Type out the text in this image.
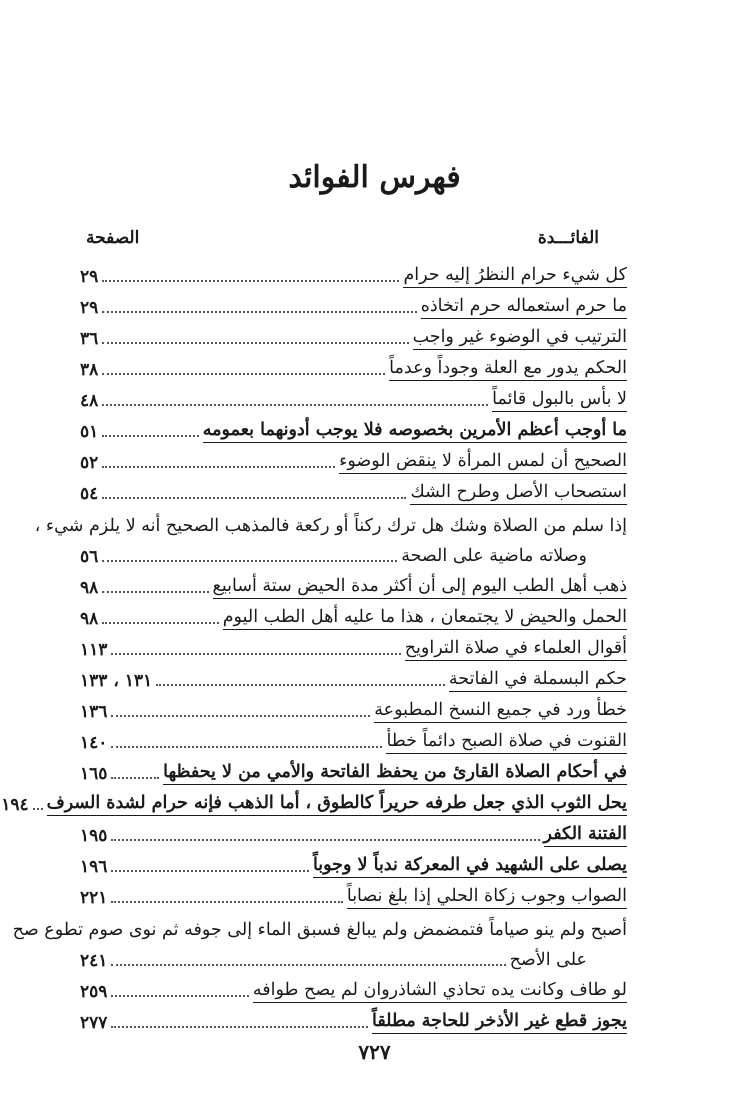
فهرس الفوائد
الفائـــدة
الصفحة
كل شيء حرام النظرُ إليه حرام
٢٩
ما حرم استعماله حرم اتخاذه
٢٩
الترتيب في الوضوء غير واجب
٣٦
الحكم يدور مع العلة وجوداً وعدماً
٣٨
لا بأس بالبول قائماً
٤٨
ما أوجب أعظم الأمرين بخصوصه فلا يوجب أدونهما بعمومه
٥١
الصحيح أن لمس المرأة لا ينقض الوضوء
٥٢
استصحاب الأصل وطرح الشك
٥٤
إذا سلم من الصلاة وشك هل ترك ركناً أو ركعة فالمذهب الصحيح أنه لا يلزم شيء ،
وصلاته ماضية على الصحة
٥٦
ذهب أهل الطب اليوم إلى أن أكثر مدة الحيض ستة أسابيع
٩٨
الحمل والحيض لا يجتمعان ، هذا ما عليه أهل الطب اليوم
٩٨
أقوال العلماء في صلاة التراويح
١١٣
حكم البسملة في الفاتحة
١٣١ ، ١٣٣
خطأ ورد في جميع النسخ المطبوعة
١٣٦
القنوت في صلاة الصبح دائماً خطأ
١٤٠
في أحكام الصلاة القارئ من يحفظ الفاتحة والأمي من لا يحفظها
١٦٥
يحل الثوب الذي جعل طرفه حريراً كالطوق ، أما الذهب فإنه حرام لشدة السرف
١٩٤
الفتنة الكفر
١٩٥
يصلى على الشهيد في المعركة ندباً لا وجوباً
١٩٦
الصواب وجوب زكاة الحلي إذا بلغ نصاباً
٢٢١
أصبح ولم ينو صياماً فتمضمض ولم يبالغ فسبق الماء إلى جوفه ثم نوى صوم تطوع صح
على الأصح
٢٤١
لو طاف وكانت يده تحاذي الشاذروان لم يصح طوافه
٢٥٩
يجوز قطع غير الأذخر للحاجة مطلقاً
٢٧٧
٧٢٧
